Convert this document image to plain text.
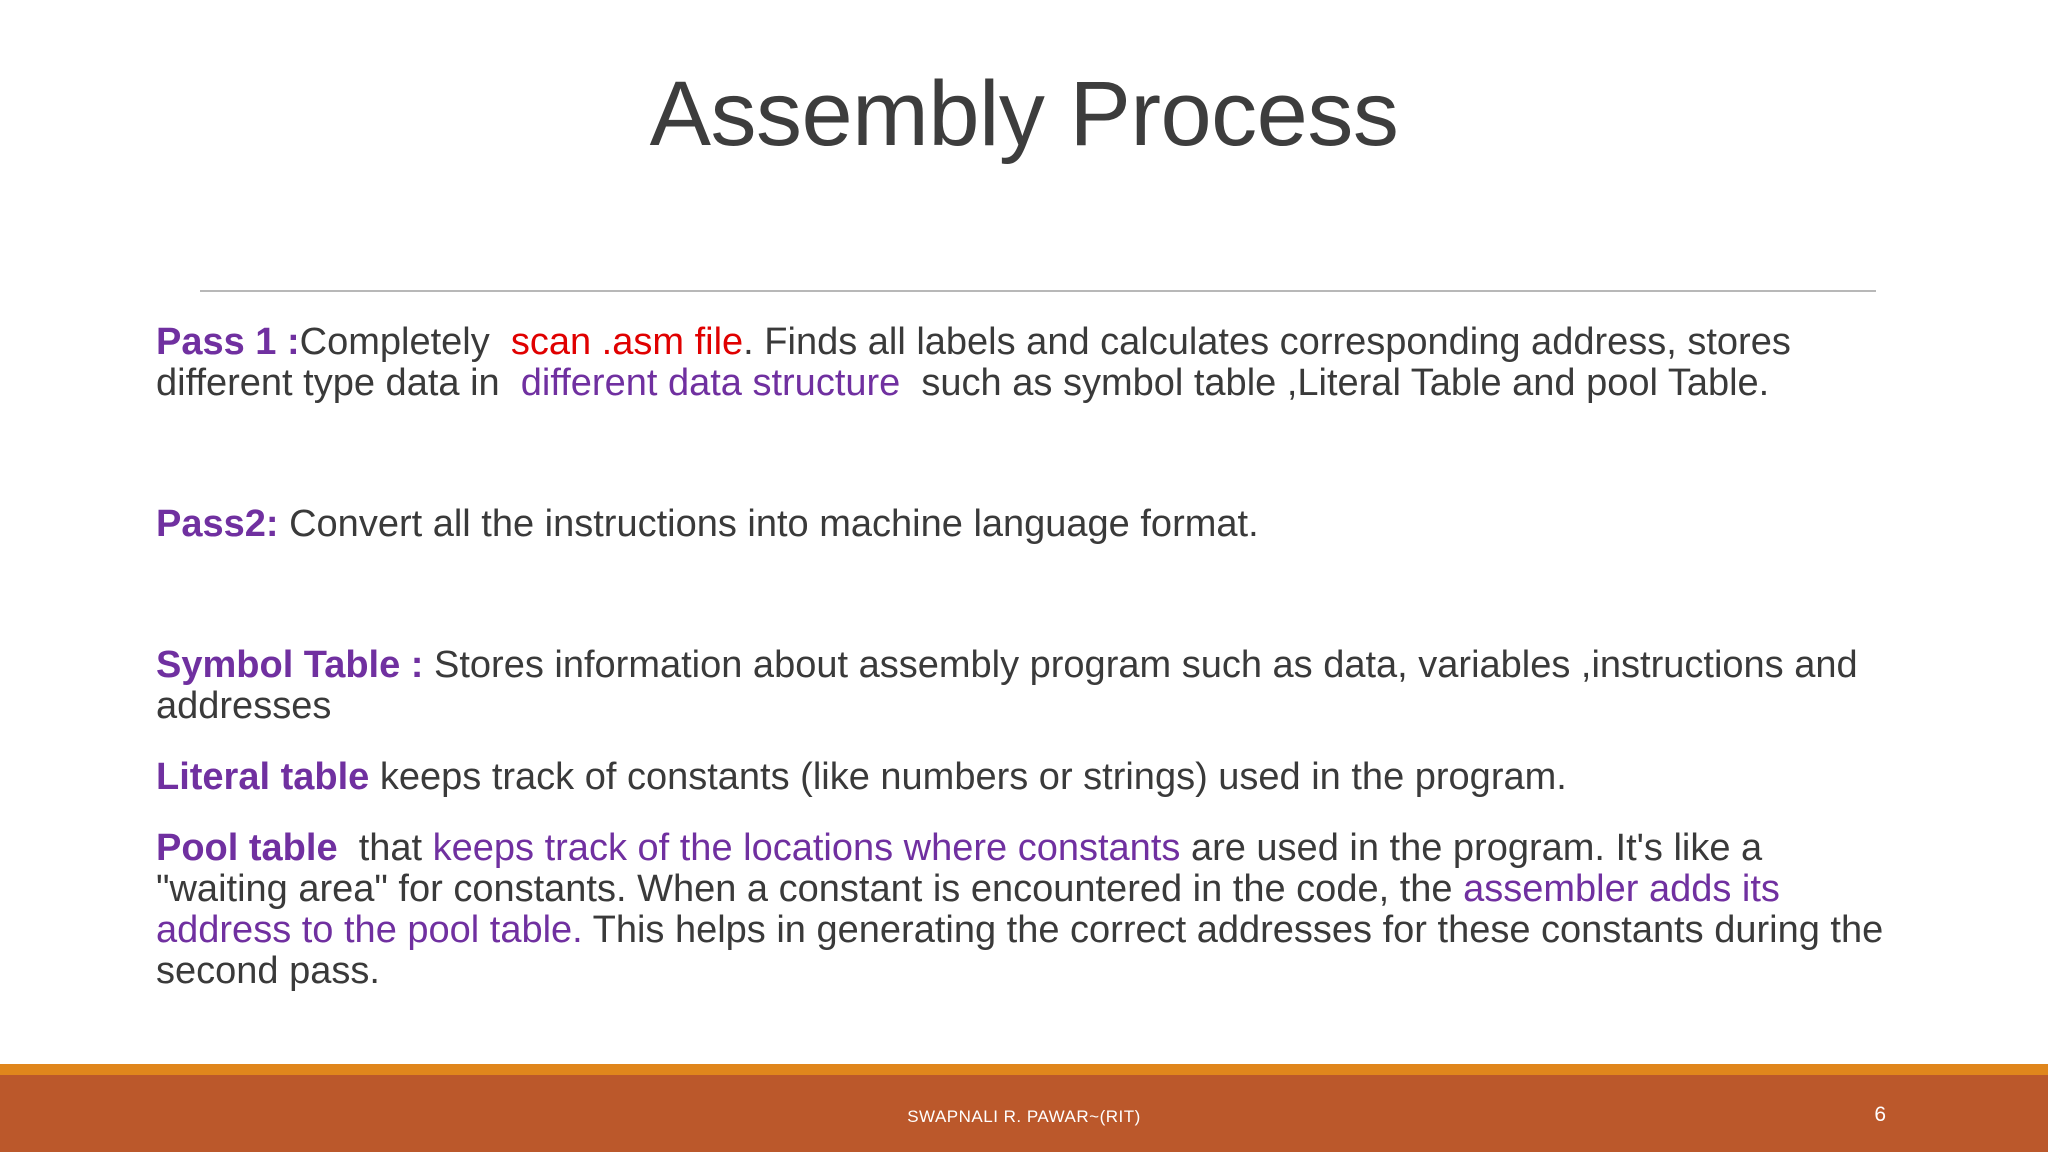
Assembly Process

Pass 1 :Completely  scan .asm file. Finds all labels and calculates corresponding address, stores different type data in  different data structure  such as symbol table ,Literal Table and pool Table.

Pass2: Convert all the instructions into machine language format.

Symbol Table : Stores information about assembly program such as data, variables ,instructions and addresses

Literal table keeps track of constants (like numbers or strings) used in the program.

Pool table  that keeps track of the locations where constants are used in the program. It's like a "waiting area" for constants. When a constant is encountered in the code, the assembler adds its address to the pool table. This helps in generating the correct addresses for these constants during the second pass.

SWAPNALI R. PAWAR~(RIT)	6
